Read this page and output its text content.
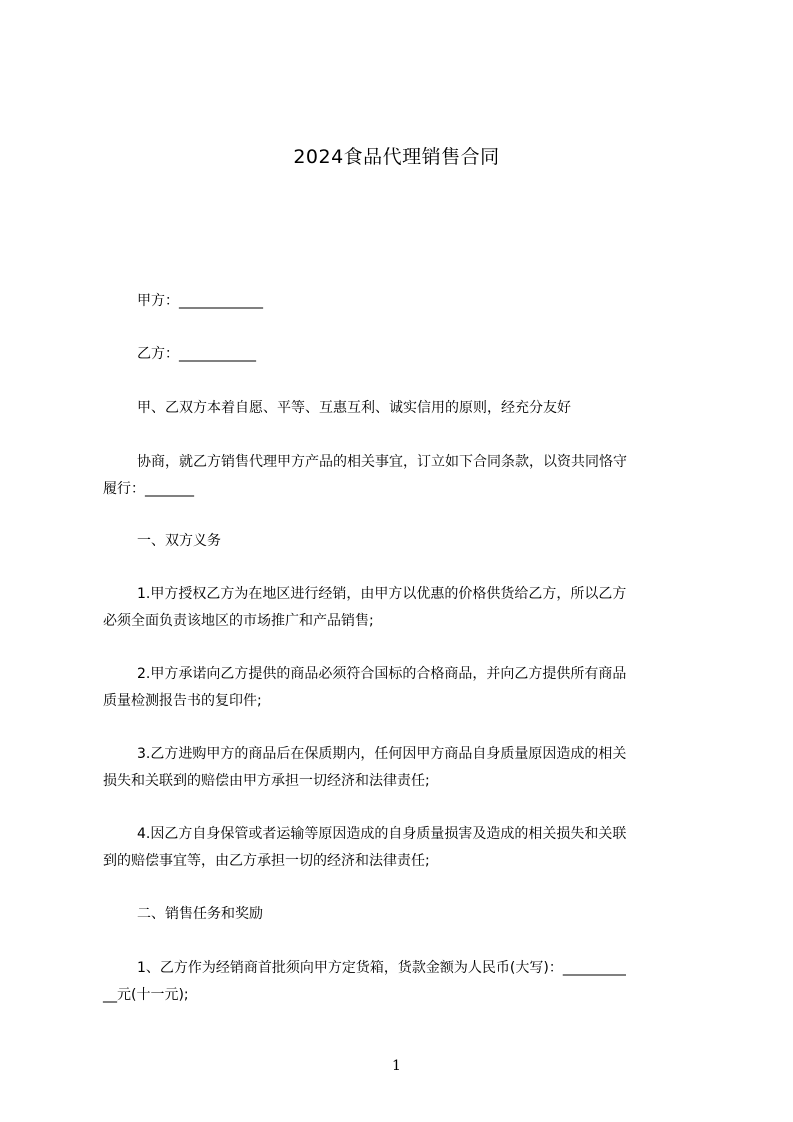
2024食品代理销售合同
甲方：____________
乙方：___________
甲、乙双方本着自愿、平等、互惠互利、诚实信用的原则，经充分友好
协商，就乙方销售代理甲方产品的相关事宜，订立如下合同条款，以资共同恪守
履行：_______
一、双方义务
1.甲方授权乙方为在地区进行经销，由甲方以优惠的价格供货给乙方，所以乙方
必须全面负责该地区的市场推广和产品销售;
2.甲方承诺向乙方提供的商品必须符合国标的合格商品，并向乙方提供所有商品
质量检测报告书的复印件;
3.乙方进购甲方的商品后在保质期内，任何因甲方商品自身质量原因造成的相关
损失和关联到的赔偿由甲方承担一切经济和法律责任;
4.因乙方自身保管或者运输等原因造成的自身质量损害及造成的相关损失和关联
到的赔偿事宜等，由乙方承担一切的经济和法律责任;
二、销售任务和奖励
1、乙方作为经销商首批须向甲方定货箱，货款金额为人民币(大写)：_________
__元(十一元);
1
